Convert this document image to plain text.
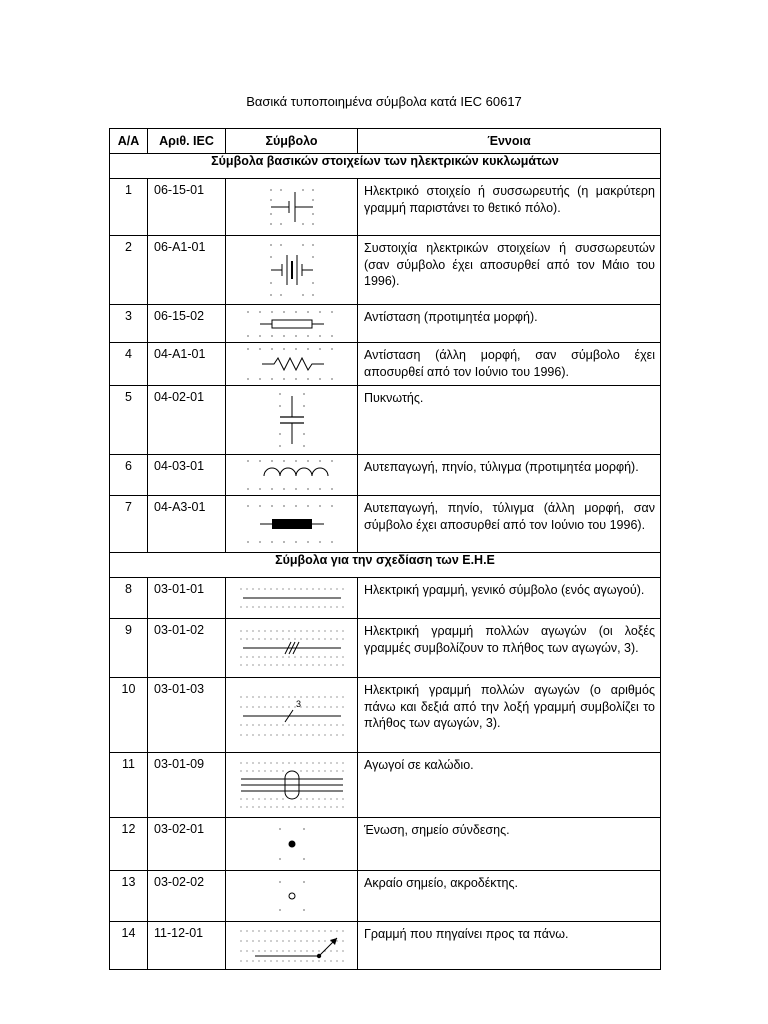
Βασικά τυποποιημένα σύμβολα κατά IEC 60617
Α/Α	Αριθ. IEC	Σύμβολο	Έννοια
Σύμβολα βασικών στοιχείων των ηλεκτρικών κυκλωμάτων			
1	06-15-01		Ηλεκτρικό στοιχείο ή συσσωρευτής (η μακρύτερη γραμμή παριστάνει το θετικό πόλο).
2	06-A1-01		Συστοιχία ηλεκτρικών στοιχείων ή συσσωρευτών (σαν σύμβολο έχει αποσυρθεί από τον Μάιο του 1996).
3	06-15-02		Αντίσταση (προτιμητέα μορφή).
4	04-A1-01		Αντίσταση (άλλη μορφή, σαν σύμβολο έχει αποσυρθεί από τον Ιούνιο του 1996).
5	04-02-01		Πυκνωτής.
6	04-03-01		Αυτεπαγωγή, πηνίο, τύλιγμα (προτιμητέα μορφή).
7	04-A3-01		Αυτεπαγωγή, πηνίο, τύλιγμα (άλλη μορφή, σαν σύμβολο έχει αποσυρθεί από τον Ιούνιο του 1996).
Σύμβολα για την σχεδίαση των Ε.Η.Ε			
8	03-01-01		Ηλεκτρική γραμμή, γενικό σύμβολο (ενός αγωγού).
9	03-01-02		Ηλεκτρική γραμμή πολλών αγωγών (οι λοξές γραμμές συμβολίζουν το πλήθος των αγωγών, 3).
10	03-01-03	3	Ηλεκτρική γραμμή πολλών αγωγών (ο αριθμός πάνω και δεξιά από την λοξή γραμμή συμβολίζει το πλήθος των αγωγών, 3).
11	03-01-09		Αγωγοί σε καλώδιο.
12	03-02-01		Ένωση, σημείο σύνδεσης.
13	03-02-02		Ακραίο σημείο, ακροδέκτης.
14	11-12-01		Γραμμή που πηγαίνει προς τα πάνω.
